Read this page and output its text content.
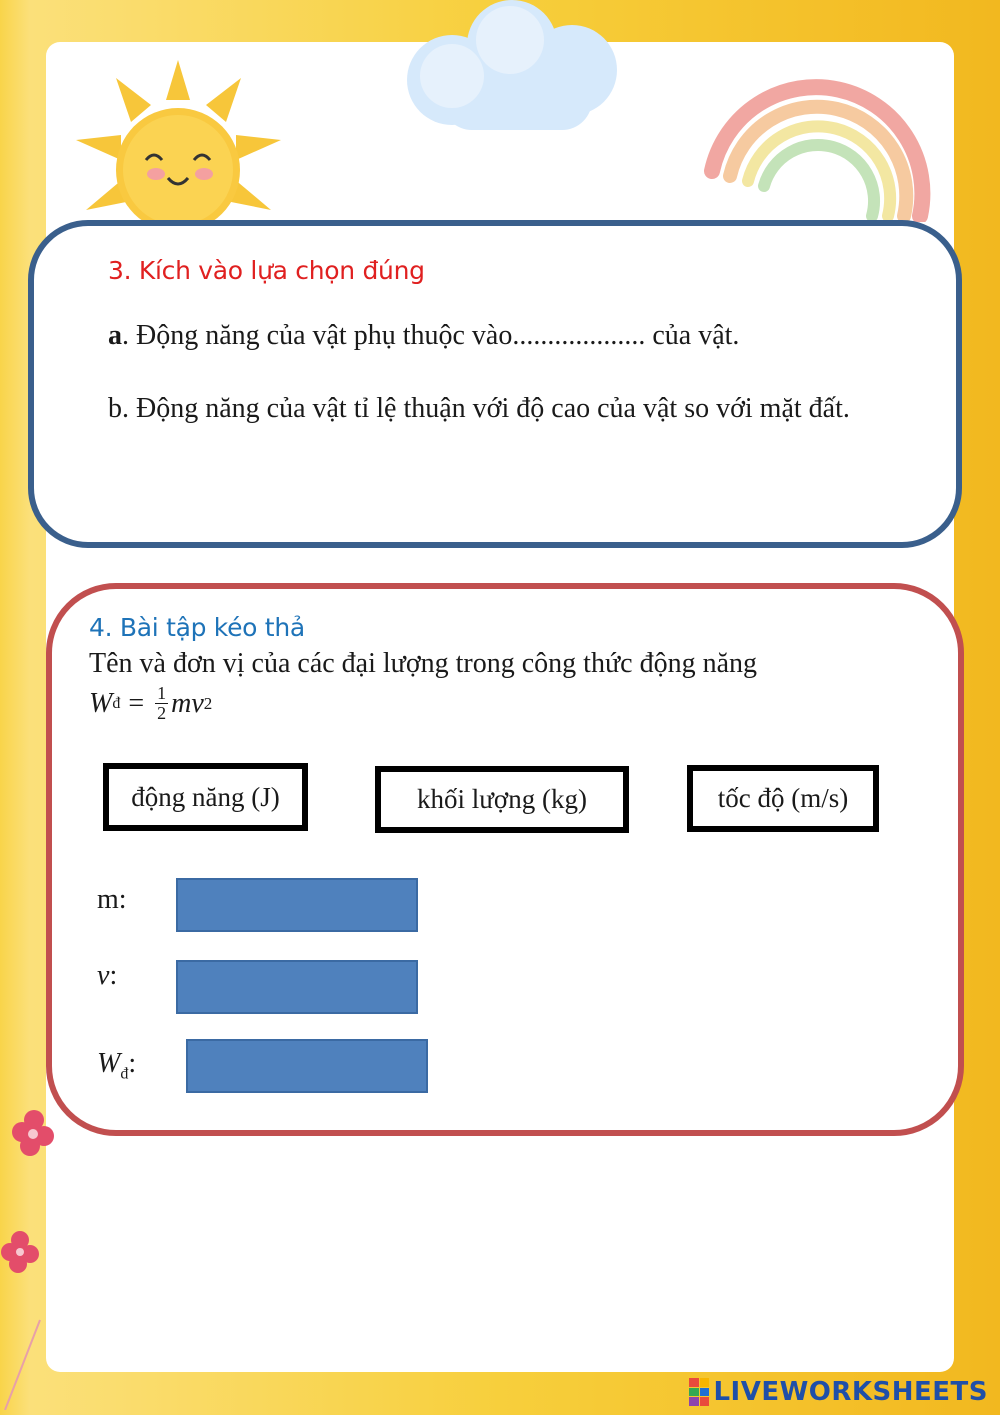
3. Kích vào lựa chọn đúng
a. Động năng của vật phụ thuộc vào................... của vật.
b. Động năng của vật tỉ lệ thuận với độ cao của vật so với mặt đất.
4. Bài tập kéo thả
Tên và đơn vị của các đại lượng trong công thức động năng
W đ = $\frac{1}{2}$ mv 2
động năng (J)	khối lượng (kg)	tốc độ (m/s)
m:
v:
$W_đ$:
LIVEWORKSHEETS
